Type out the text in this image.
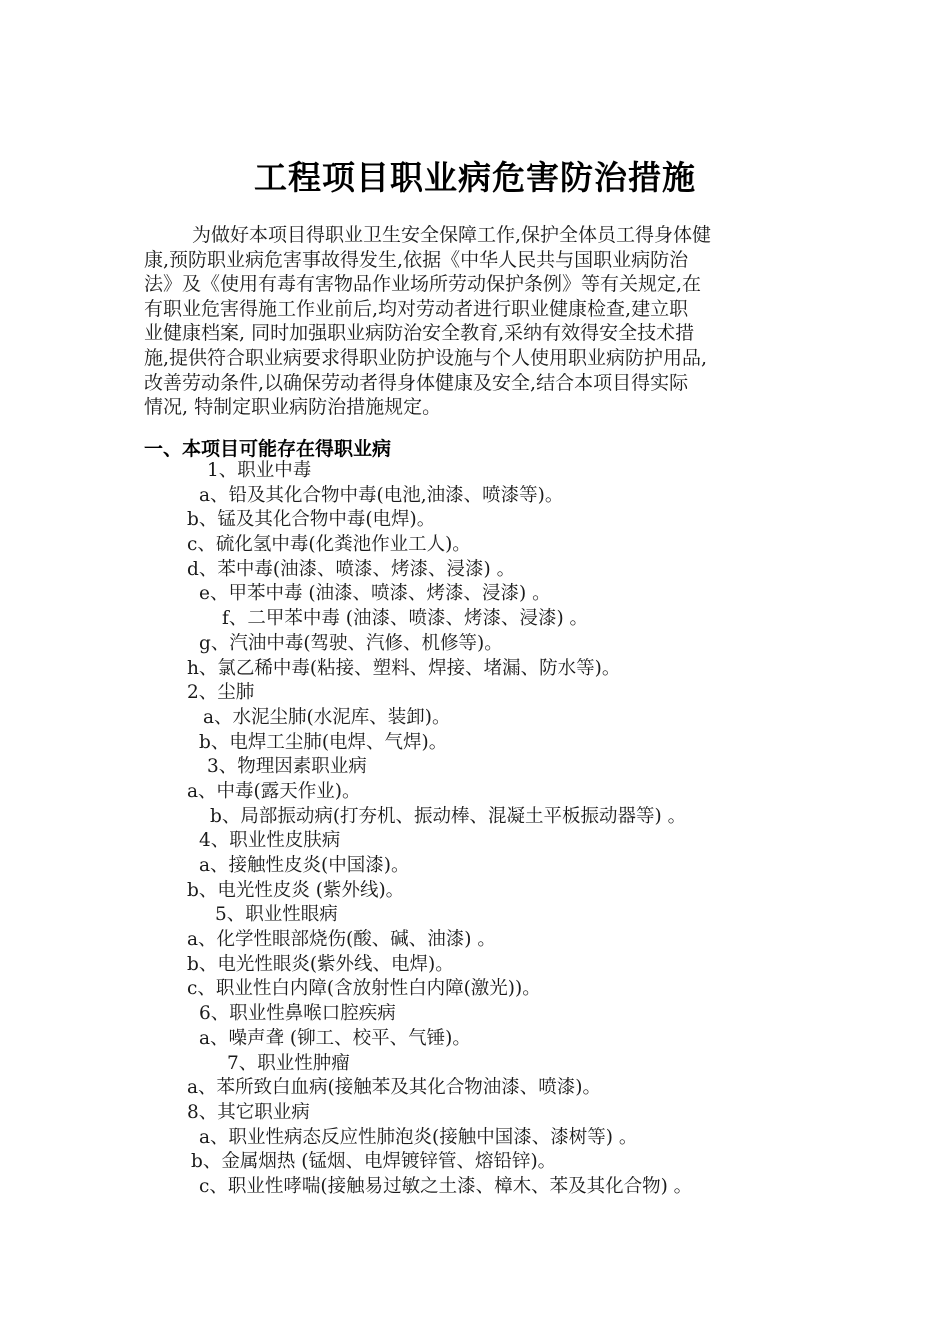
工程项目职业病危害防治措施
为做好本项目得职业卫生安全保障工作,保护全体员工得身体健
康,预防职业病危害事故得发生,依据《中华人民共与国职业病防治
法》及《使用有毒有害物品作业场所劳动保护条例》等有关规定,在
有职业危害得施工作业前后,均对劳动者进行职业健康检查,建立职
业健康档案, 同时加强职业病防治安全教育,采纳有效得安全技术措
施,提供符合职业病要求得职业防护设施与个人使用职业病防护用品,
改善劳动条件,以确保劳动者得身体健康及安全,结合本项目得实际
情况, 特制定职业病防治措施规定。
一、本项目可能存在得职业病
1、职业中毒
a、铅及其化合物中毒(电池,油漆、喷漆等)。
b、锰及其化合物中毒(电焊)。
c、硫化氢中毒(化粪池作业工人)。
d、苯中毒(油漆、喷漆、烤漆、浸漆) 。
e、甲苯中毒 (油漆、喷漆、烤漆、浸漆) 。
f、二甲苯中毒 (油漆、喷漆、烤漆、浸漆) 。
g、汽油中毒(驾驶、汽修、机修等)。
h、氯乙稀中毒(粘接、塑料、焊接、堵漏、防水等)。
2、尘肺
a、水泥尘肺(水泥库、装卸)。
b、电焊工尘肺(电焊、气焊)。
3、物理因素职业病
a、中毒(露天作业)。
b、局部振动病(打夯机、振动棒、混凝土平板振动器等) 。
4、职业性皮肤病
a、接触性皮炎(中国漆)。
b、电光性皮炎 (紫外线)。
5、职业性眼病
a、化学性眼部烧伤(酸、碱、油漆) 。
b、电光性眼炎(紫外线、电焊)。
c、职业性白内障(含放射性白内障(激光))。
6、职业性鼻喉口腔疾病
a、噪声聋 (铆工、校平、气锤)。
7、职业性肿瘤
a、苯所致白血病(接触苯及其化合物油漆、喷漆)。
8、其它职业病
a、职业性病态反应性肺泡炎(接触中国漆、漆树等) 。
b、金属烟热 (锰烟、电焊镀锌管、熔铅锌)。
c、职业性哮喘(接触易过敏之土漆、樟木、苯及其化合物) 。
